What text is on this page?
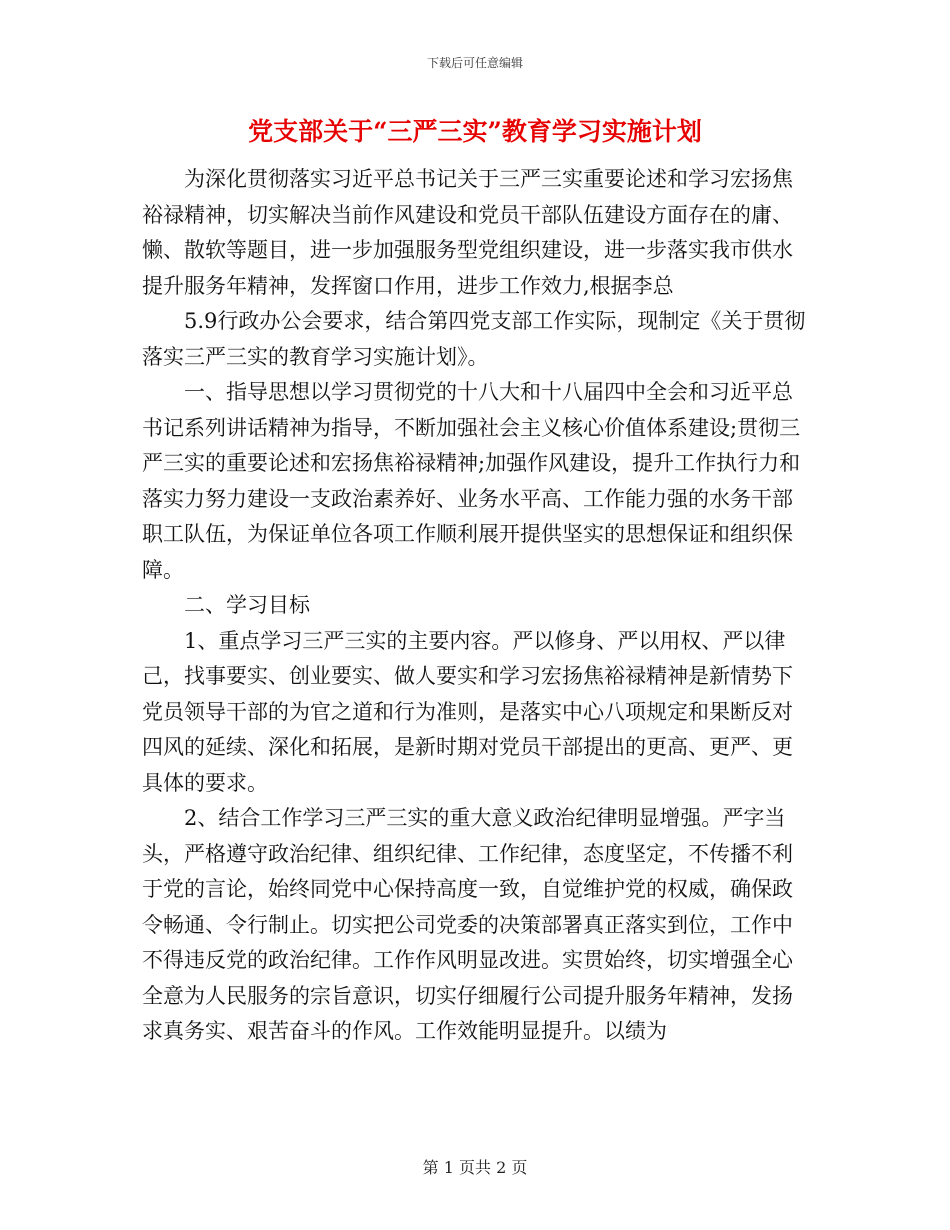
下载后可任意编辑
党支部关于“三严三实”教育学习实施计划

为深化贯彻落实习近平总书记关于三严三实重要论述和学习宏扬焦裕禄精神，切实解决当前作风建设和党员干部队伍建设方面存在的庸、懒、散软等题目，进一步加强服务型党组织建设，进一步落实我市供水提升服务年精神，发挥窗口作用，进步工作效力,根据李总

5.9行政办公会要求，结合第四党支部工作实际，现制定《关于贯彻落实三严三实的教育学习实施计划》。

一、指导思想以学习贯彻党的十八大和十八届四中全会和习近平总书记系列讲话精神为指导，不断加强社会主义核心价值体系建设;贯彻三严三实的重要论述和宏扬焦裕禄精神;加强作风建设，提升工作执行力和落实力努力建设一支政治素养好、业务水平高、工作能力强的水务干部职工队伍，为保证单位各项工作顺利展开提供坚实的思想保证和组织保障。

二、学习目标

1、重点学习三严三实的主要内容。严以修身、严以用权、严以律己，找事要实、创业要实、做人要实和学习宏扬焦裕禄精神是新情势下党员领导干部的为官之道和行为准则，是落实中心八项规定和果断反对四风的延续、深化和拓展，是新时期对党员干部提出的更高、更严、更具体的要求。

2、结合工作学习三严三实的重大意义政治纪律明显增强。严字当头，严格遵守政治纪律、组织纪律、工作纪律，态度坚定，不传播不利于党的言论，始终同党中心保持高度一致，自觉维护党的权威，确保政令畅通、令行制止。切实把公司党委的决策部署真正落实到位，工作中不得违反党的政治纪律。工作作风明显改进。实贯始终，切实增强全心全意为人民服务的宗旨意识，切实仔细履行公司提升服务年精神，发扬求真务实、艰苦奋斗的作风。工作效能明显提升。以绩为

第 1 页共 2 页
